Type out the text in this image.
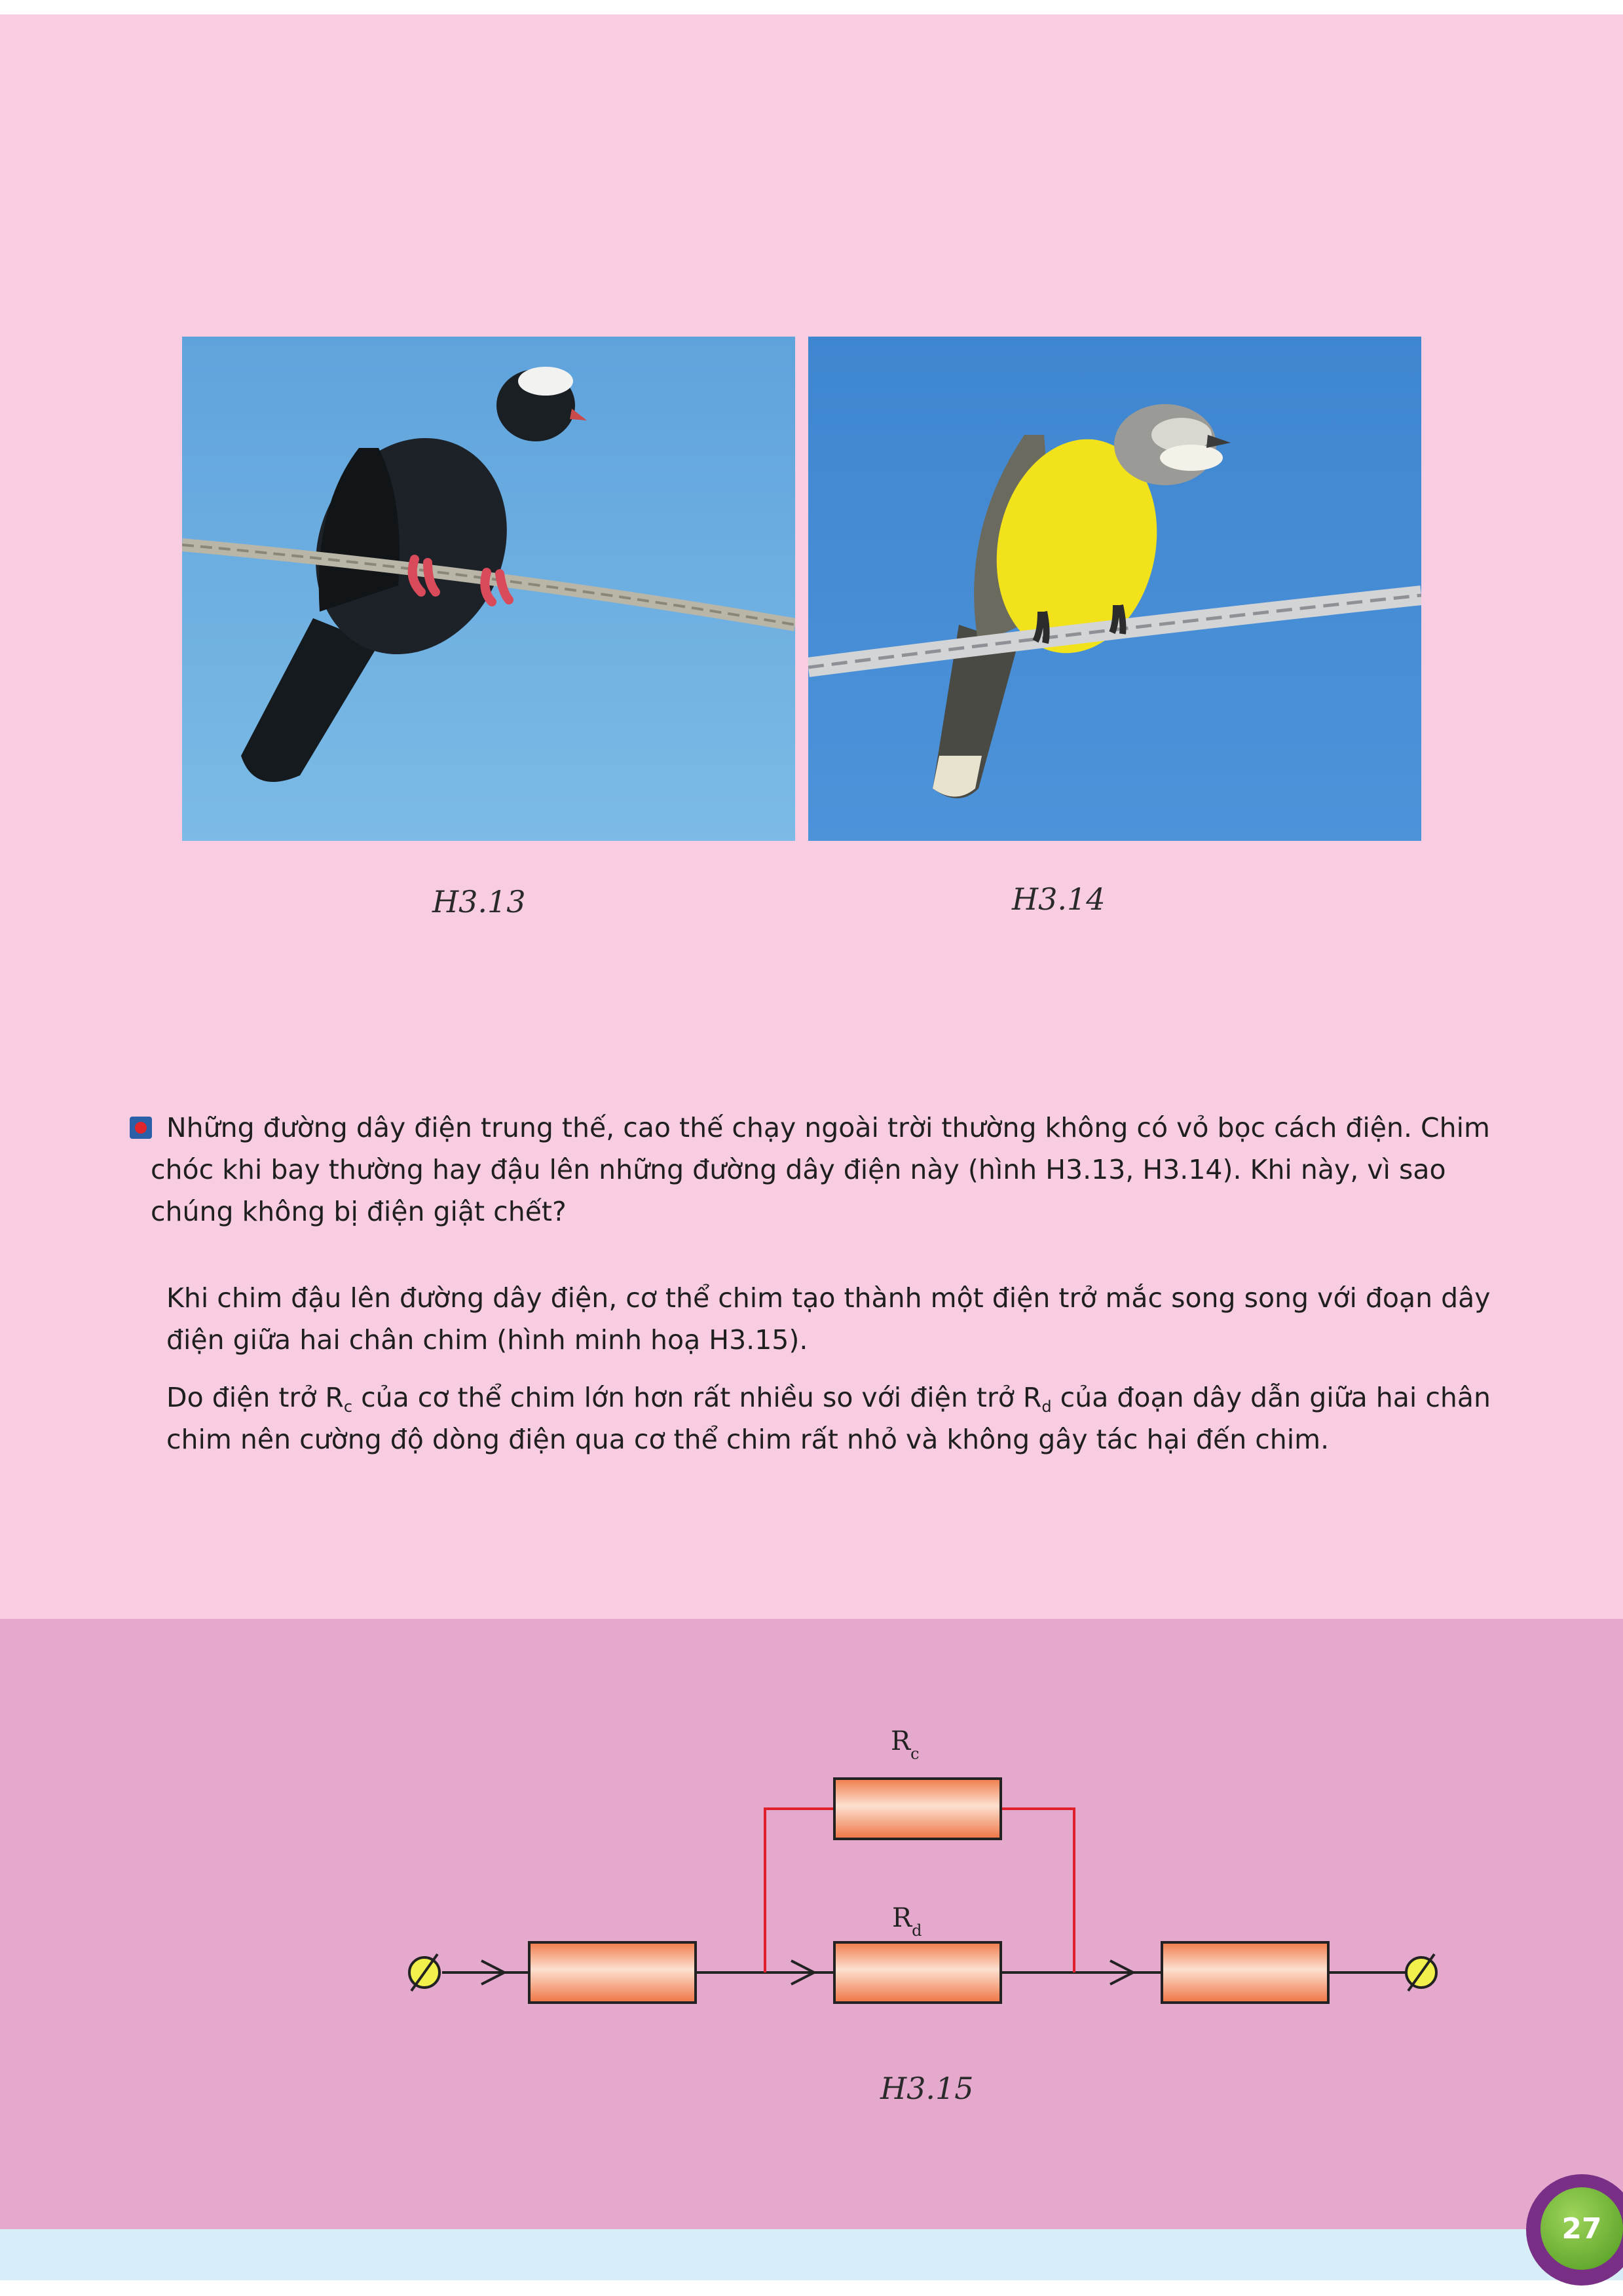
H3.13	H3.14
Những đường dây điện trung thế, cao thế chạy ngoài trời thường không có vỏ bọc cách điện. Chim chóc khi bay thường hay đậu lên những đường dây điện này (hình H3.13, H3.14). Khi này, vì sao chúng không bị điện giật chết?
Khi chim đậu lên đường dây điện, cơ thể chim tạo thành một điện trở mắc song song với đoạn dây điện giữa hai chân chim (hình minh hoạ H3.15).
Do điện trở $R_c$ của cơ thể chim lớn hơn rất nhiều so với điện trở $R_d$ của đoạn dây dẫn giữa hai chân chim nên cường độ dòng điện qua cơ thể chim rất nhỏ và không gây tác hại đến chim.
$R_c$
$R_d$
H3.15
27
